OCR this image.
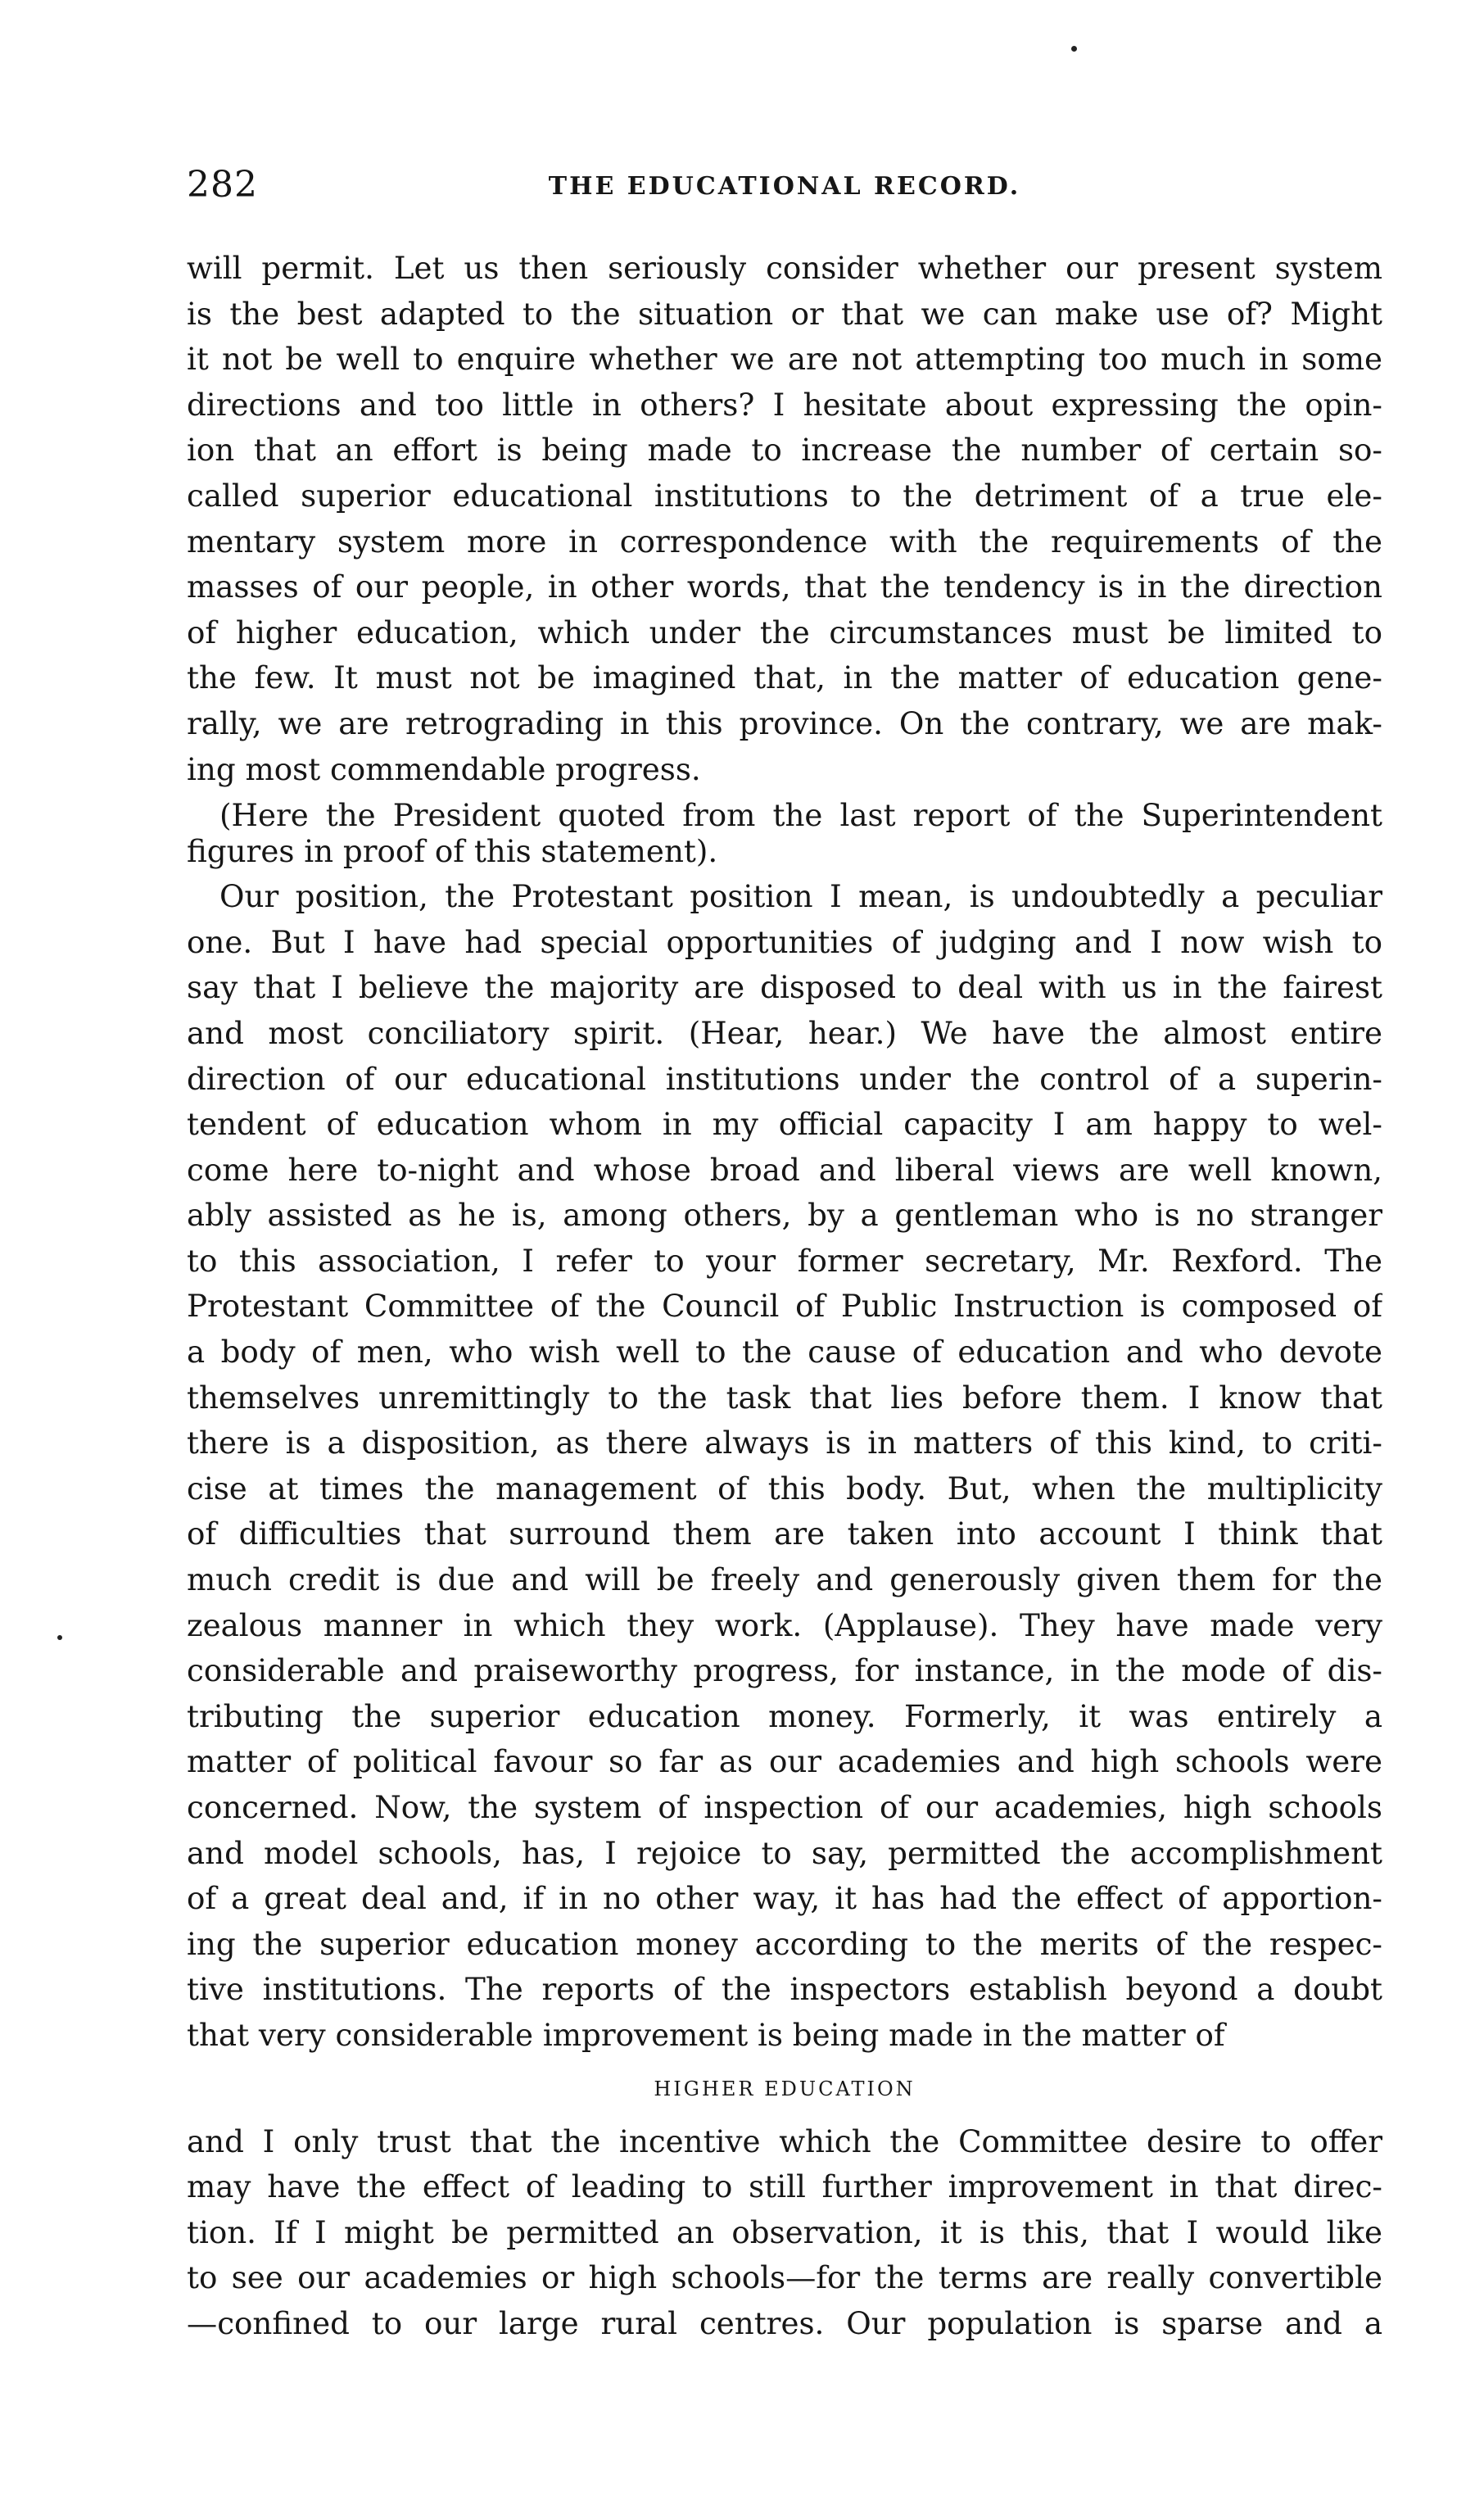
282	THE EDUCATIONAL RECORD.

will permit. Let us then seriously consider whether our present system
is the best adapted to the situation or that we can make use of? Might
it not be well to enquire whether we are not attempting too much in some
directions and too little in others? I hesitate about expressing the opin-
ion that an effort is being made to increase the number of certain so-
called superior educational institutions to the detriment of a true ele-
mentary system more in correspondence with the requirements of the
masses of our people, in other words, that the tendency is in the direction
of higher education, which under the circumstances must be limited to
the few. It must not be imagined that, in the matter of education gene-
rally, we are retrograding in this province. On the contrary, we are mak-
ing most commendable progress.

(Here the President quoted from the last report of the Superintendent
figures in proof of this statement).

Our position, the Protestant position I mean, is undoubtedly a peculiar
one. But I have had special opportunities of judging and I now wish to
say that I believe the majority are disposed to deal with us in the fairest
and most conciliatory spirit. (Hear, hear.) We have the almost entire
direction of our educational institutions under the control of a superin-
tendent of education whom in my official capacity I am happy to wel-
come here to-night and whose broad and liberal views are well known,
ably assisted as he is, among others, by a gentleman who is no stranger
to this association, I refer to your former secretary, Mr. Rexford. The
Protestant Committee of the Council of Public Instruction is composed of
a body of men, who wish well to the cause of education and who devote
themselves unremittingly to the task that lies before them. I know that
there is a disposition, as there always is in matters of this kind, to criti-
cise at times the management of this body. But, when the multiplicity
of difficulties that surround them are taken into account I think that
much credit is due and will be freely and generously given them for the
zealous manner in which they work. (Applause). They have made very
considerable and praiseworthy progress, for instance, in the mode of dis-
tributing the superior education money. Formerly, it was entirely a
matter of political favour so far as our academies and high schools were
concerned. Now, the system of inspection of our academies, high schools
and model schools, has, I rejoice to say, permitted the accomplishment
of a great deal and, if in no other way, it has had the effect of apportion-
ing the superior education money according to the merits of the respec-
tive institutions. The reports of the inspectors establish beyond a doubt
that very considerable improvement is being made in the matter of

HIGHER EDUCATION

and I only trust that the incentive which the Committee desire to offer
may have the effect of leading to still further improvement in that direc-
tion. If I might be permitted an observation, it is this, that I would like
to see our academies or high schools—for the terms are really convertible
—confined to our large rural centres. Our population is sparse and a
